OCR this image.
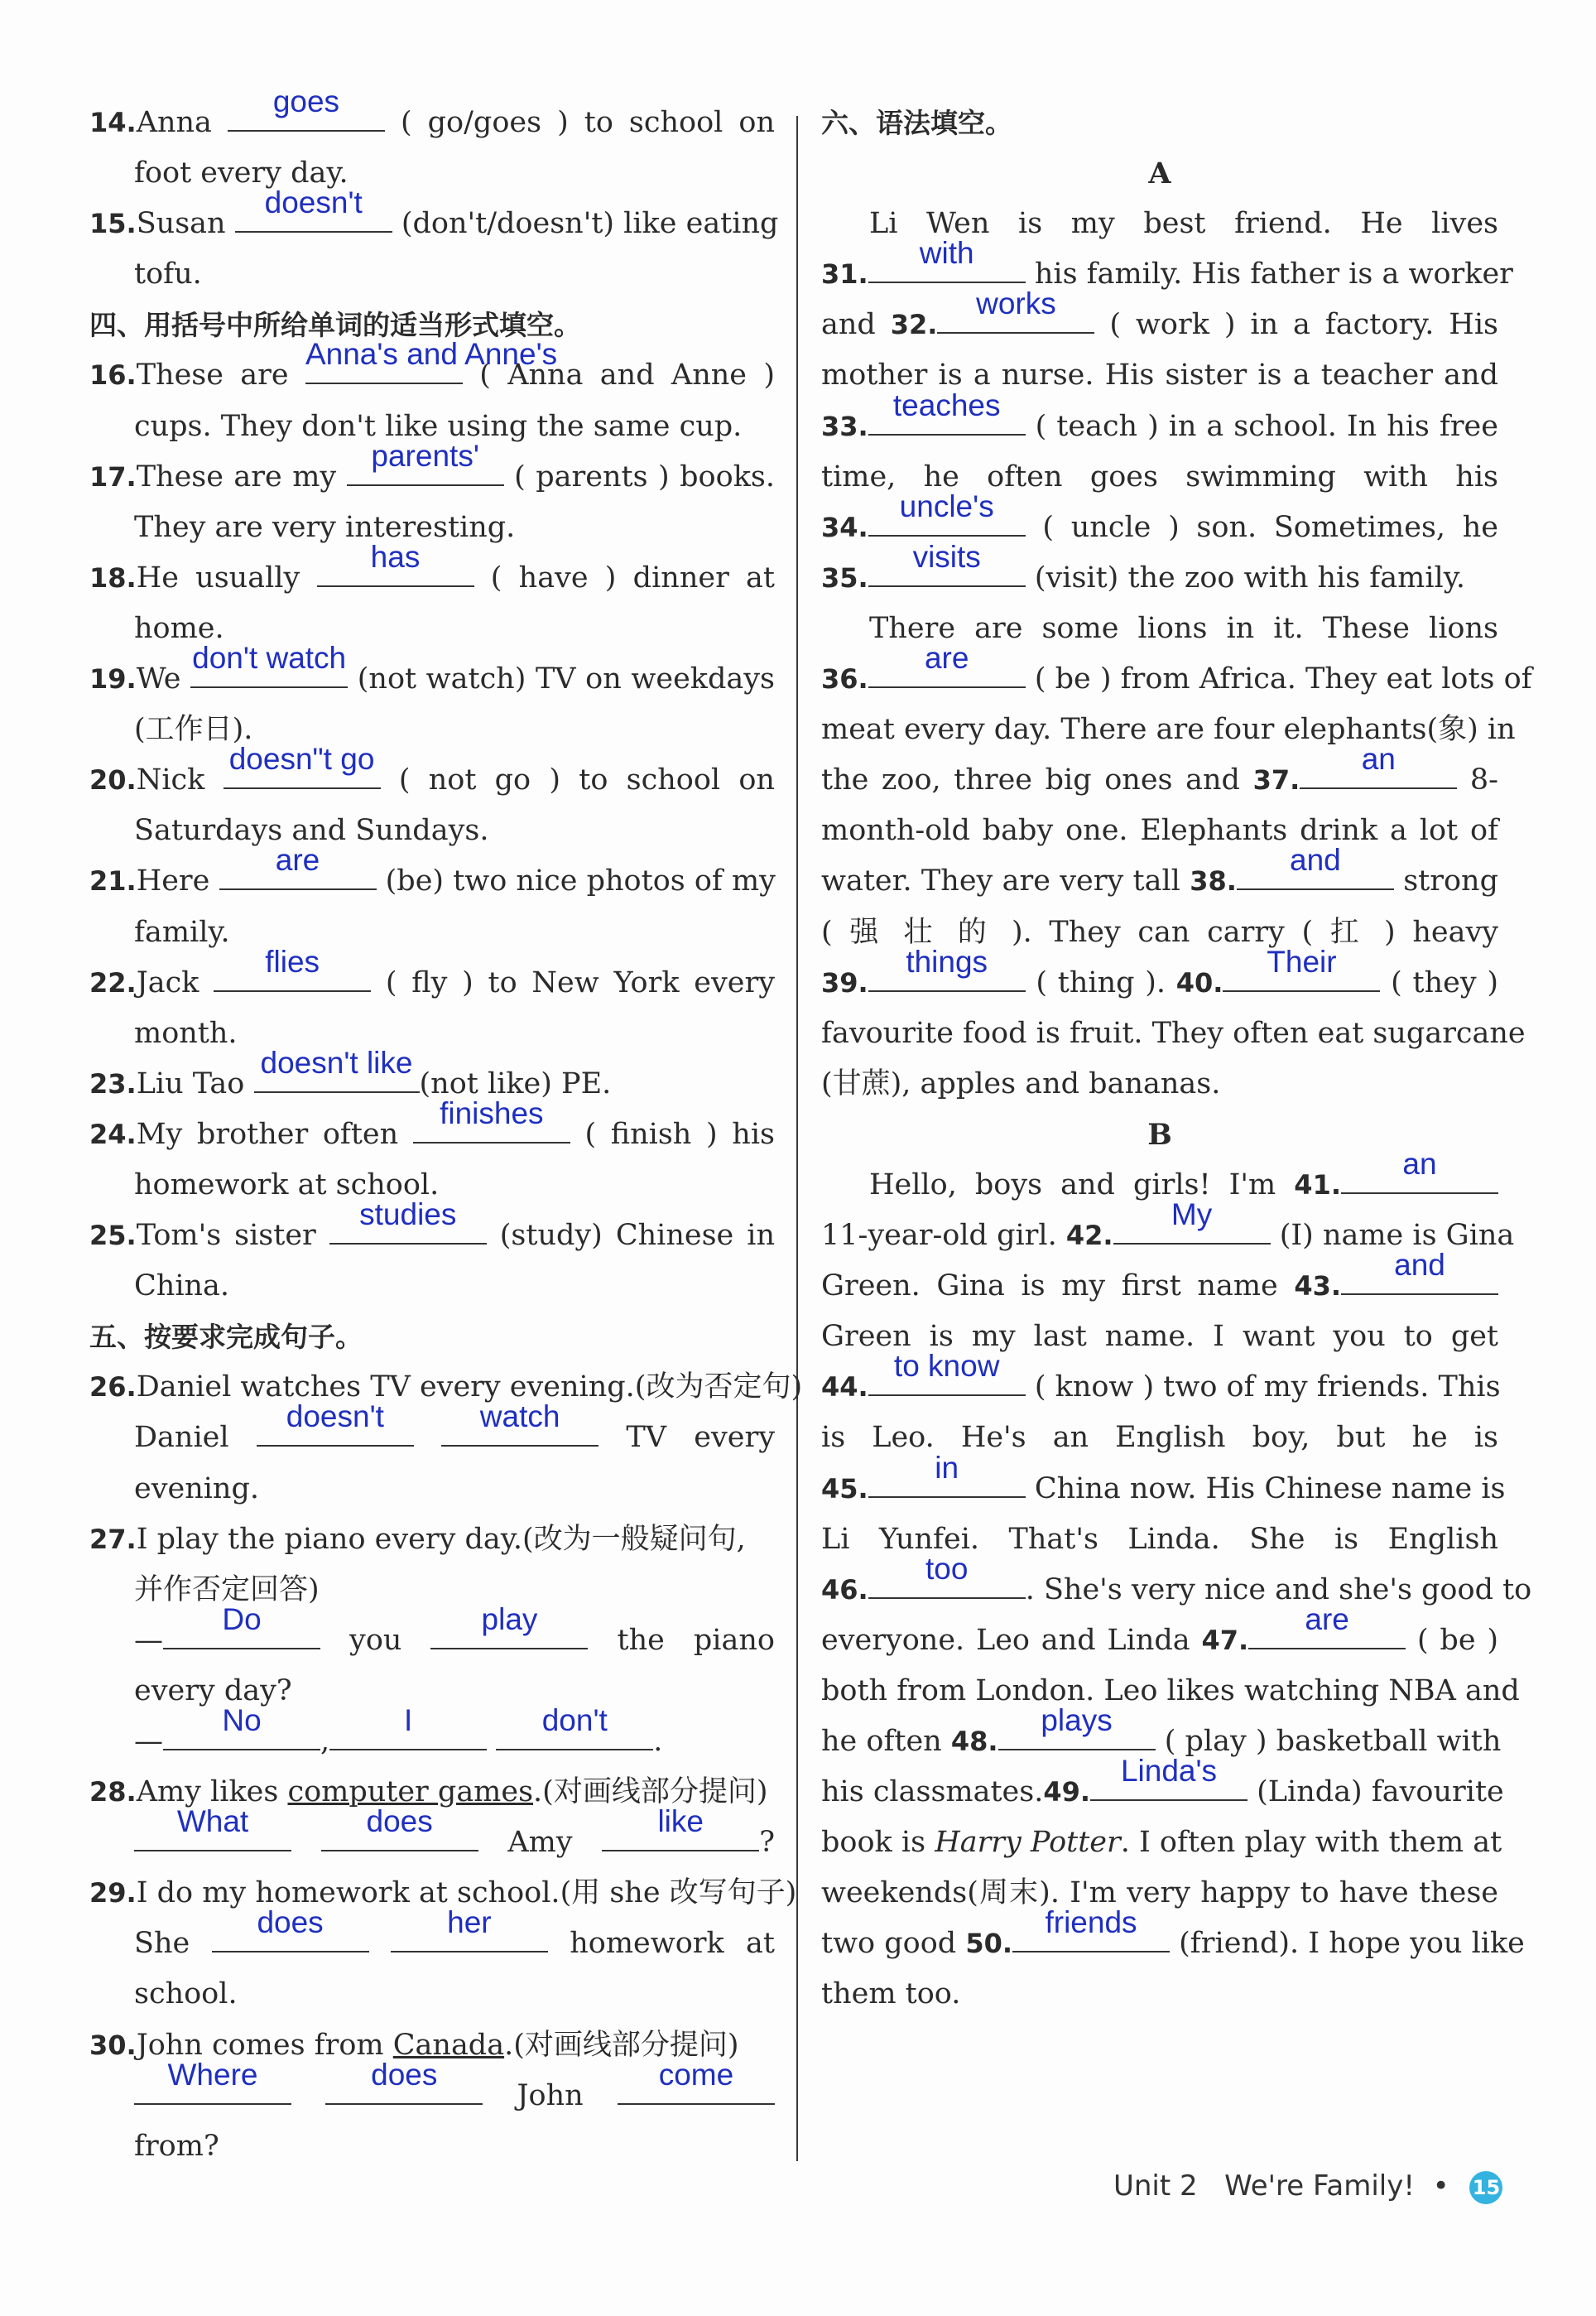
14.Anna
goes
( go/goes ) to school on
foot every day.
15.Susan
doesn't
(don't/doesn't) like eating
tofu.
四、用括号中所给单词的适当形式填空。
16.These are
Anna's and Anne's
( Anna and Anne )
cups. They don't like using the same cup.
17.These are my
parents'
( parents ) books.
They are very interesting.
18.He usually
has
( have ) dinner at
home.
19.We
don't watch
(not watch) TV on weekdays
(工作日).
20.Nick
doesn"t go
( not go ) to school on
Saturdays and Sundays.
21.Here
are
(be) two nice photos of my
family.
22.Jack
flies
( fly ) to New York every
month.
23.Liu Tao
doesn't like
(not like) PE.
24.My brother often
finishes
( finish ) his
homework at school.
25.Tom's sister
studies
(study) Chinese in
China.
五、按要求完成句子。
26.Daniel watches TV every evening.(改为否定句)
Daniel
doesn't
	watch
TV every
evening.
27.I play the piano every day.(改为一般疑问句,
并作否定回答)
—
Do
you
play
the piano
every day?
—
No
,
I
	don't
.
28.Amy likes computer games.(对画线部分提问)
What
	does
Amy
like
?
29.I do my homework at school.(用 she 改写句子)
She
does
	her
homework at
school.
30.John comes from Canada.(对画线部分提问)
Where
	does
John
come
from?
六、语法填空。
A
Li Wen is my best friend. He lives
31.
with
his family. His father is a worker
and 32.
works
( work ) in a factory. His
mother is a nurse. His sister is a teacher and
33.
teaches
( teach ) in a school. In his free
time, he often goes swimming with his
34.
uncle's
( uncle ) son. Sometimes, he
35.
visits
(visit) the zoo with his family.
There are some lions in it. These lions
36.
are
( be ) from Africa. They eat lots of
meat every day. There are four elephants(象) in
the zoo, three big ones and 37.
an
8-
month-old baby one. Elephants drink a lot of
water. They are very tall 38.
and
strong
( 强 壮 的 ). They can carry ( 扛 ) heavy
39.
things
( thing ). 40.
Their
( they )
favourite food is fruit. They often eat sugarcane
(甘蔗), apples and bananas.
B
Hello, boys and girls! I'm 41.
an
11-year-old girl. 42.
My
(I) name is Gina
Green. Gina is my first name 43.
and
Green is my last name. I want you to get
44.
to know
( know ) two of my friends. This
is Leo. He's an English boy, but he is
45.
in
China now. His Chinese name is
Li Yunfei. That's Linda. She is English
46.
too
. She's very nice and she's good to
everyone. Leo and Linda 47.
are
( be )
both from London. Leo likes watching NBA and
he often 48.
plays
( play ) basketball with
his classmates.49.
Linda's
(Linda) favourite
book is Harry Potter. I often play with them at
weekends(周末). I'm very happy to have these
two good 50.
friends
(friend). I hope you like
them too.
Unit 2 We're Family! • 15
